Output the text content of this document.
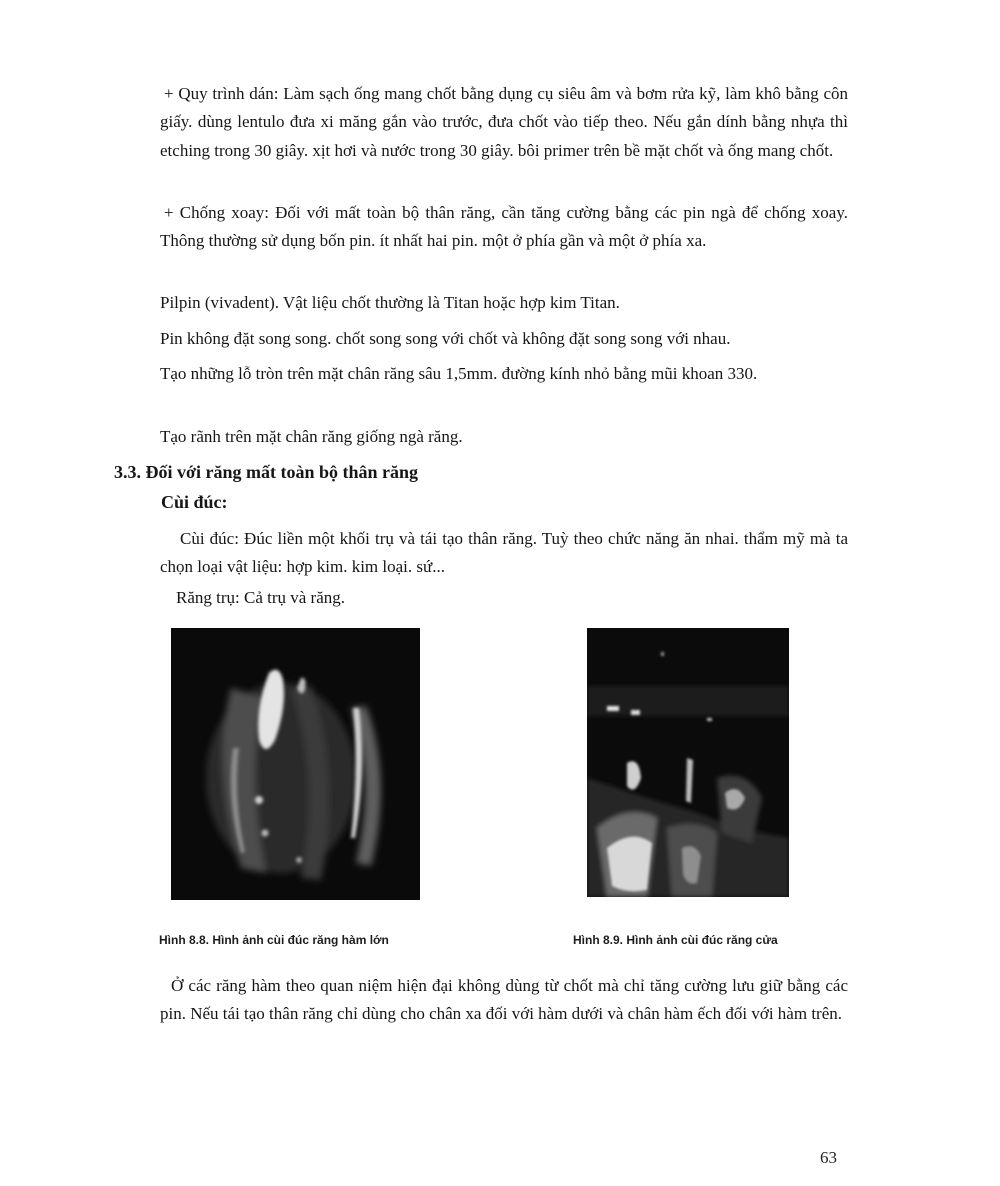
+ Quy trình dán: Làm sạch ống mang chốt bằng dụng cụ siêu âm và bơm rửa kỹ, làm khô bằng côn giấy. dùng lentulo đưa xi măng gắn vào trước, đưa chốt vào tiếp theo. Nếu gắn dính bằng nhựa thì etching trong 30 giây. xịt hơi và nước trong 30 giây. bôi primer trên bề mặt chốt và ống mang chốt.

+ Chống xoay: Đối với mất toàn bộ thân răng, cần tăng cường bằng các pin ngà để chống xoay. Thông thường sử dụng bốn pin. ít nhất hai pin. một ở phía gần và một ở phía xa.

Pilpin (vivadent). Vật liệu chốt thường là Titan hoặc hợp kim Titan.

Pin không đặt song song. chốt song song với chốt và không đặt song song với nhau.

Tạo những lỗ tròn trên mặt chân răng sâu 1,5mm. đường kính nhỏ bằng mũi khoan 330.

Tạo rãnh trên mặt chân răng giống ngà răng.

3.3. Đối với răng mất toàn bộ thân răng
Cùi đúc:

Cùi đúc: Đúc liền một khối trụ và tái tạo thân răng. Tuỳ theo chức năng ăn nhai. thẩm mỹ mà ta chọn loại vật liệu: hợp kim. kim loại. sứ...

Răng trụ: Cả trụ và răng.

Hình 8.8. Hình ảnh cùi đúc răng hàm lớn	Hình 8.9. Hình ảnh cùi đúc răng cửa

Ở các răng hàm theo quan niệm hiện đại không dùng từ chốt mà chỉ tăng cường lưu giữ bằng các pin. Nếu tái tạo thân răng chỉ dùng cho chân xa đối với hàm dưới và chân hàm ếch đối với hàm trên.

63
